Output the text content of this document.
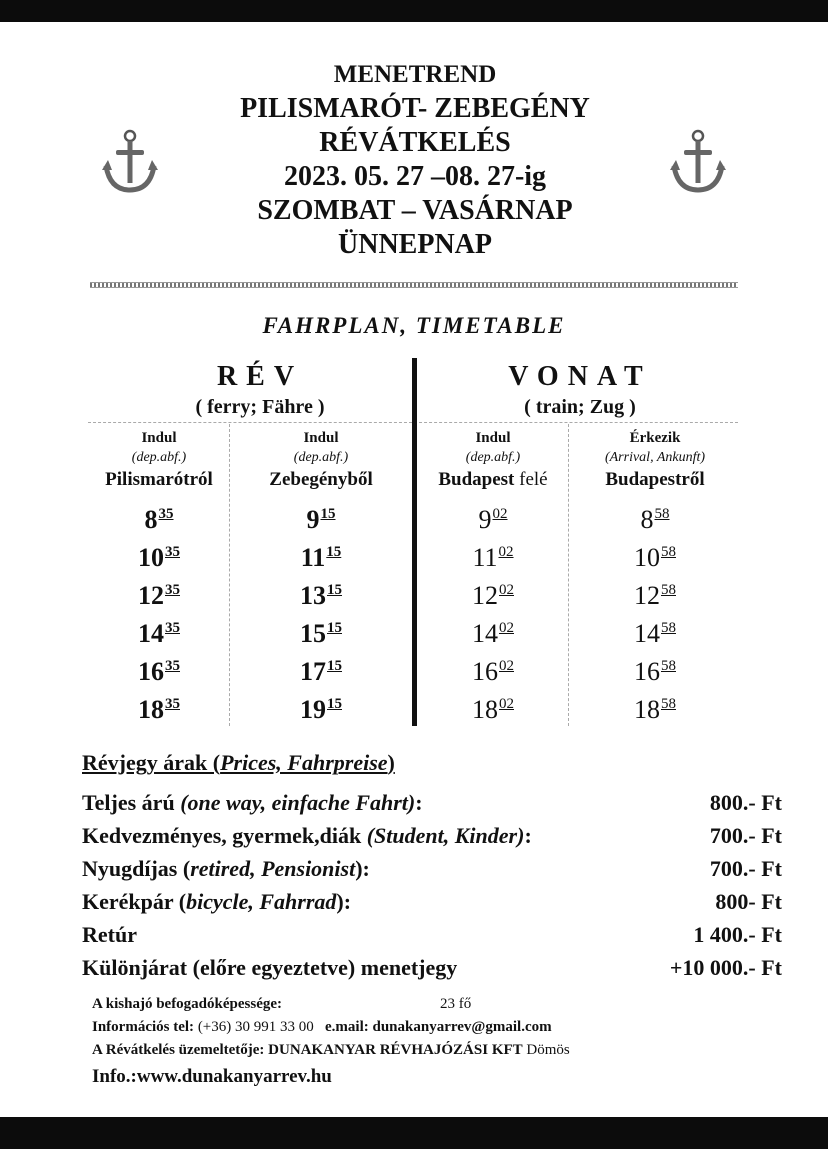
MENETREND
PILISMARÓT- ZEBEGÉNY
RÉVÁTKELÉS
2023. 05. 27 –08. 27-ig
SZOMBAT – VASÁRNAP
ÜNNEPNAP
FAHRPLAN, TIMETABLE
RÉV
( ferry; Fähre )
VONAT
( train; Zug )
Indul
(dep.abf.)
Pilismarótról
Indul
(dep.abf.)
Zebegényből
Indul
(dep.abf.)
Budapest felé
Érkezik
(Arrival, Ankunft)
Budapestről
$8^{35}$	$9^{15}$	$9^{02}$	$8^{58}$
$10^{35}$	$11^{15}$	$11^{02}$	$10^{58}$
$12^{35}$	$13^{15}$	$12^{02}$	$12^{58}$
$14^{35}$	$15^{15}$	$14^{02}$	$14^{58}$
$16^{35}$	$17^{15}$	$16^{02}$	$16^{58}$
$18^{35}$	$19^{15}$	$18^{02}$	$18^{58}$
Révjegy árak (Prices, Fahrpreise)
Teljes árú (one way, einfache Fahrt):	800.- Ft
Kedvezményes, gyermek,diák (Student, Kinder):	700.- Ft
Nyugdíjas (retired, Pensionist):	700.- Ft
Kerékpár (bicycle, Fahrrad):	800- Ft
Retúr	1 400.- Ft
Különjárat (előre egyeztetve) menetjegy	+10 000.- Ft
A kishajó befogadóképessége:	23 fő
Információs tel: (+36) 30 991 33 00 e.mail: dunakanyarrev@gmail.com
A Révátkelés üzemeltetője: DUNAKANYAR RÉVHAJÓZÁSI KFT Dömös
Info.:www.dunakanyarrev.hu
